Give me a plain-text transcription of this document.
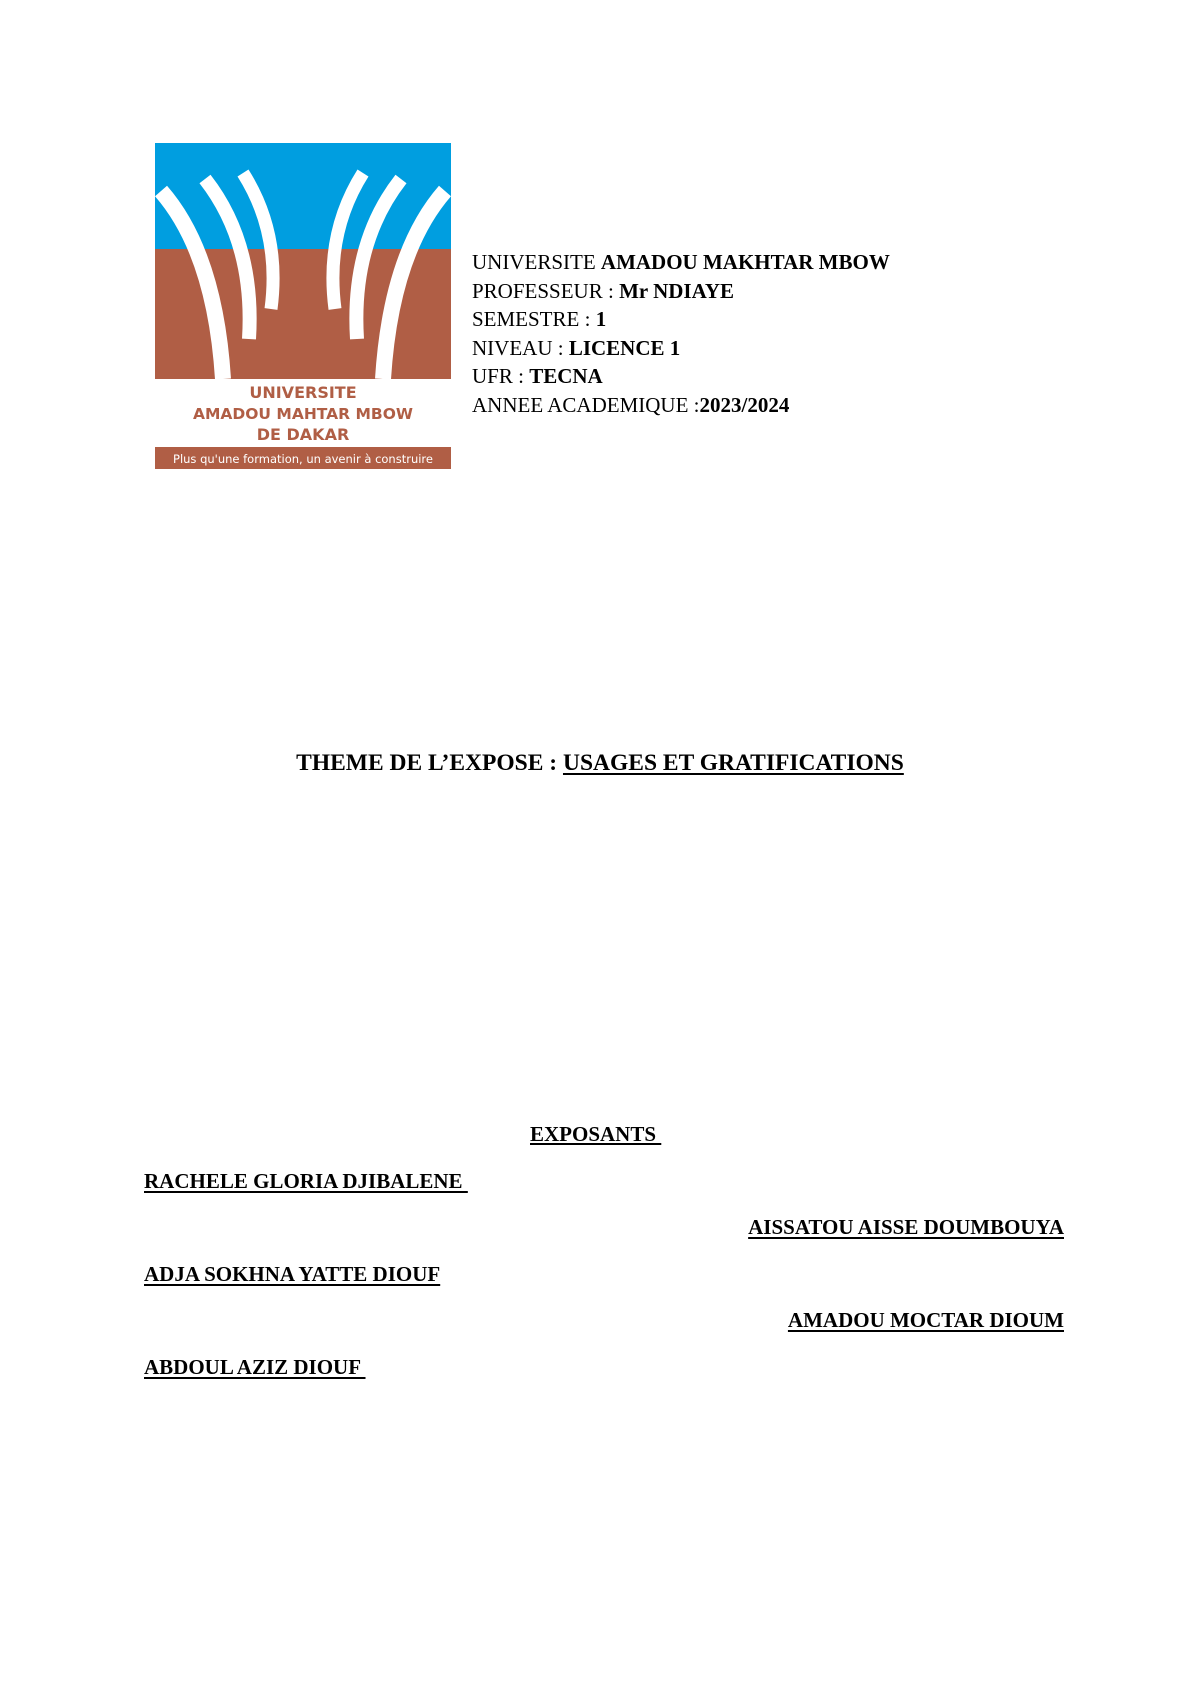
UNIVERSITE
AMADOU MAHTAR MBOW
DE DAKAR
Plus qu'une formation, un avenir à construire
UNIVERSITE AMADOU MAKHTAR MBOW
PROFESSEUR : Mr NDIAYE
SEMESTRE : 1
NIVEAU : LICENCE 1
UFR : TECNA
ANNEE ACADEMIQUE :2023/2024
THEME DE L’EXPOSE : USAGES ET GRATIFICATIONS
EXPOSANTS
RACHELE GLORIA DJIBALENE
AISSATOU AISSE DOUMBOUYA
ADJA SOKHNA YATTE DIOUF
AMADOU MOCTAR DIOUM
ABDOUL AZIZ DIOUF
